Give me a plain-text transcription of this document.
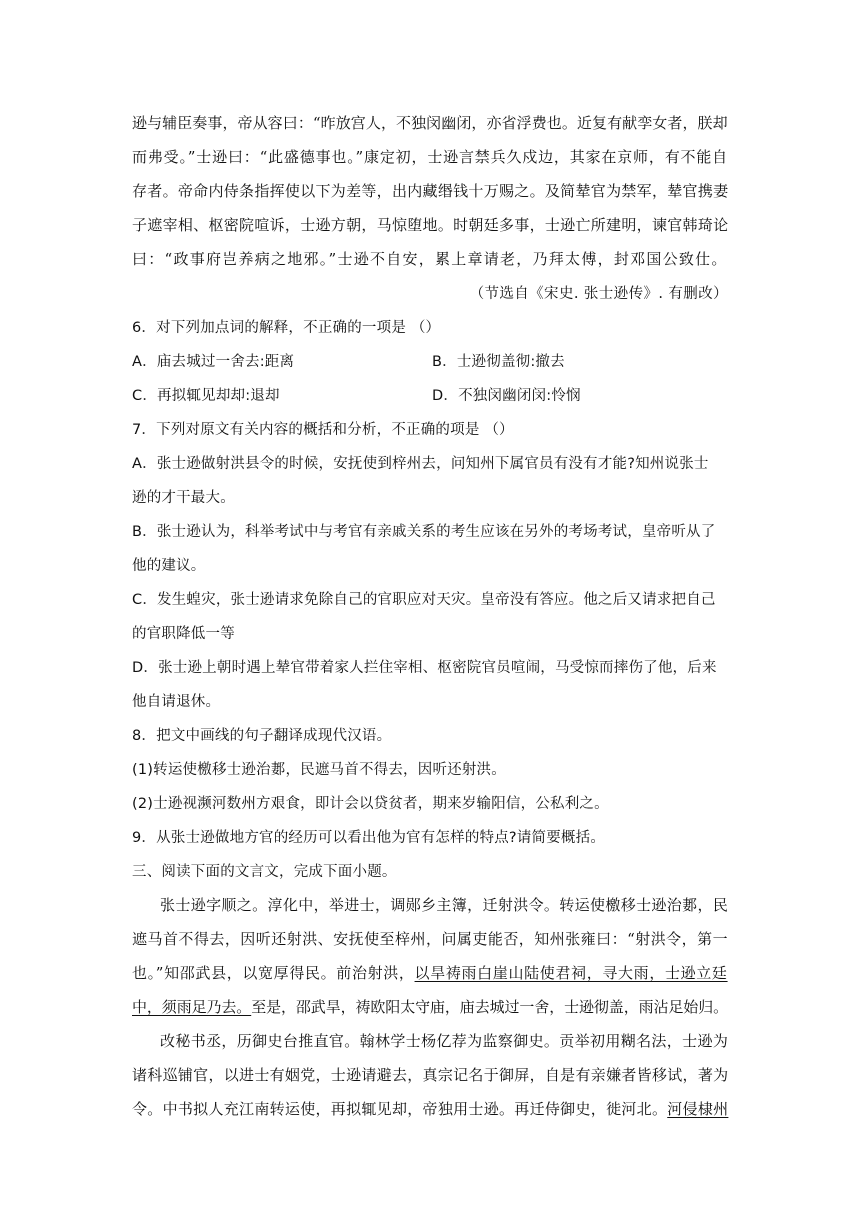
逊与辅臣奏事，帝从容曰：“昨放宫人，不独闵幽闭，亦省浮费也。近复有献孪女者，朕却
而弗受。”士逊曰：“此盛德事也。”康定初，士逊言禁兵久戍边，其家在京师，有不能自
存者。帝命内侍条指挥使以下为差等，出内藏缗钱十万赐之。及简辇官为禁军，辇官携妻
子遮宰相、枢密院喧诉，士逊方朝，马惊堕地。时朝廷多事，士逊亡所建明，谏官韩琦论
曰：“政事府岂养病之地邪。”士逊不自安，累上章请老，乃拜太傅，封邓国公致仕。
（节选自《宋史. 张士逊传》. 有删改）
6．对下列加点词的解释，不正确的一项是 （）
A．庙去城过一舍去:距离	B．士逊彻盖彻:撤去
C．再拟辄见却却:退却	D．不独闵幽闭闵:怜悯
7．下列对原文有关内容的概括和分析，不正确的项是 （）
A．张士逊做射洪县令的时候，安抚使到梓州去，问知州下属官员有没有才能?知州说张士
逊的才干最大。
B．张士逊认为，科举考试中与考官有亲戚关系的考生应该在另外的考场考试，皇帝听从了
他的建议。
C．发生蝗灾，张士逊请求免除自己的官职应对天灾。皇帝没有答应。他之后又请求把自己
的官职降低一等
D．张士逊上朝时遇上辇官带着家人拦住宰相、枢密院官员喧闹，马受惊而摔伤了他，后来
他自请退休。
8．把文中画线的句子翻译成现代汉语。
(1)转运使檄移士逊治郪，民遮马首不得去，因听还射洪。
(2)士逊视濒河数州方艰食，即计会以贷贫者，期来岁输阳信，公私利之。
9．从张士逊做地方官的经历可以看出他为官有怎样的特点?请简要概括。
三、阅读下面的文言文，完成下面小题。
张士逊字顺之。淳化中，举进士，调郧乡主簿，迁射洪令。转运使檄移士逊治郪，民
遮马首不得去，因听还射洪、安抚使至梓州，问属吏能否，知州张雍曰：“射洪令，第一
也。”知邵武县，以宽厚得民。前治射洪，以旱祷雨白崖山陆使君祠，寻大雨，士逊立廷
中，须雨足乃去。至是，邵武旱，祷欧阳太守庙，庙去城过一舍，士逊彻盖，雨沾足始归。
改秘书丞，历御史台推直官。翰林学士杨亿荐为监察御史。贡举初用糊名法，士逊为
诸科巡铺官，以进士有姻党，士逊请避去，真宗记名于御屏，自是有亲嫌者皆移试，著为
令。中书拟人充江南转运使，再拟辄见却，帝独用士逊。再迁侍御史，徙河北。河侵棣州
